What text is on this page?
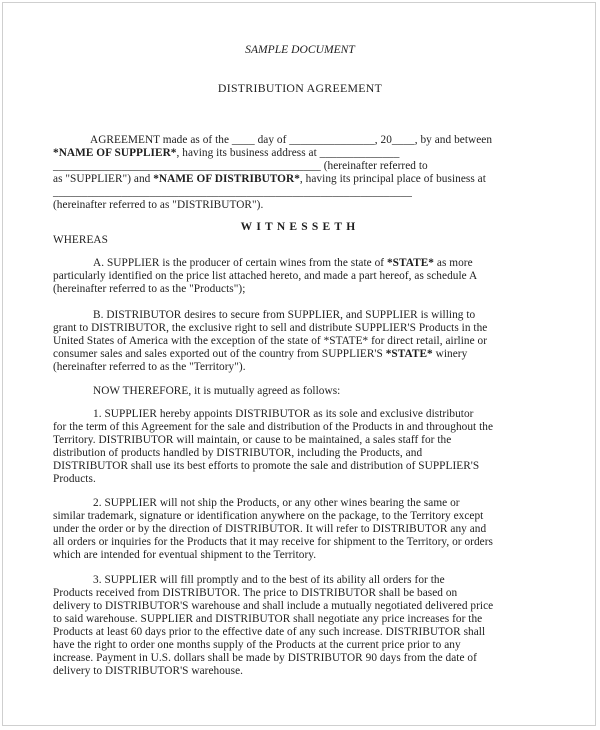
SAMPLE DOCUMENT
DISTRIBUTION AGREEMENT
AGREEMENT made as of the ____ day of _______________, 20____, by and between
*NAME OF SUPPLIER*, having its business address at ______________
_______________________________________________ (hereinafter referred to
as "SUPPLIER") and *NAME OF DISTRIBUTOR*, having its principal place of business at
_______________________________________________________________
(hereinafter referred to as "DISTRIBUTOR").
WITNESSETH
WHEREAS
A. SUPPLIER is the producer of certain wines from the state of *STATE* as more
particularly identified on the price list attached hereto, and made a part hereof, as schedule A
(hereinafter referred to as the "Products");
B. DISTRIBUTOR desires to secure from SUPPLIER, and SUPPLIER is willing to
grant to DISTRIBUTOR, the exclusive right to sell and distribute SUPPLIER'S Products in the
United States of America with the exception of the state of *STATE* for direct retail, airline or
consumer sales and sales exported out of the country from SUPPLIER'S *STATE* winery
(hereinafter referred to as the "Territory").
NOW THEREFORE, it is mutually agreed as follows:
1. SUPPLIER hereby appoints DISTRIBUTOR as its sole and exclusive distributor
for the term of this Agreement for the sale and distribution of the Products in and throughout the
Territory. DISTRIBUTOR will maintain, or cause to be maintained, a sales staff for the
distribution of products handled by DISTRIBUTOR, including the Products, and
DISTRIBUTOR shall use its best efforts to promote the sale and distribution of SUPPLIER'S
Products.
2. SUPPLIER will not ship the Products, or any other wines bearing the same or
similar trademark, signature or identification anywhere on the package, to the Territory except
under the order or by the direction of DISTRIBUTOR. It will refer to DISTRIBUTOR any and
all orders or inquiries for the Products that it may receive for shipment to the Territory, or orders
which are intended for eventual shipment to the Territory.
3. SUPPLIER will fill promptly and to the best of its ability all orders for the
Products received from DISTRIBUTOR. The price to DISTRIBUTOR shall be based on
delivery to DISTRIBUTOR'S warehouse and shall include a mutually negotiated delivered price
to said warehouse. SUPPLIER and DISTRIBUTOR shall negotiate any price increases for the
Products at least 60 days prior to the effective date of any such increase. DISTRIBUTOR shall
have the right to order one months supply of the Products at the current price prior to any
increase. Payment in U.S. dollars shall be made by DISTRIBUTOR 90 days from the date of
delivery to DISTRIBUTOR'S warehouse.
